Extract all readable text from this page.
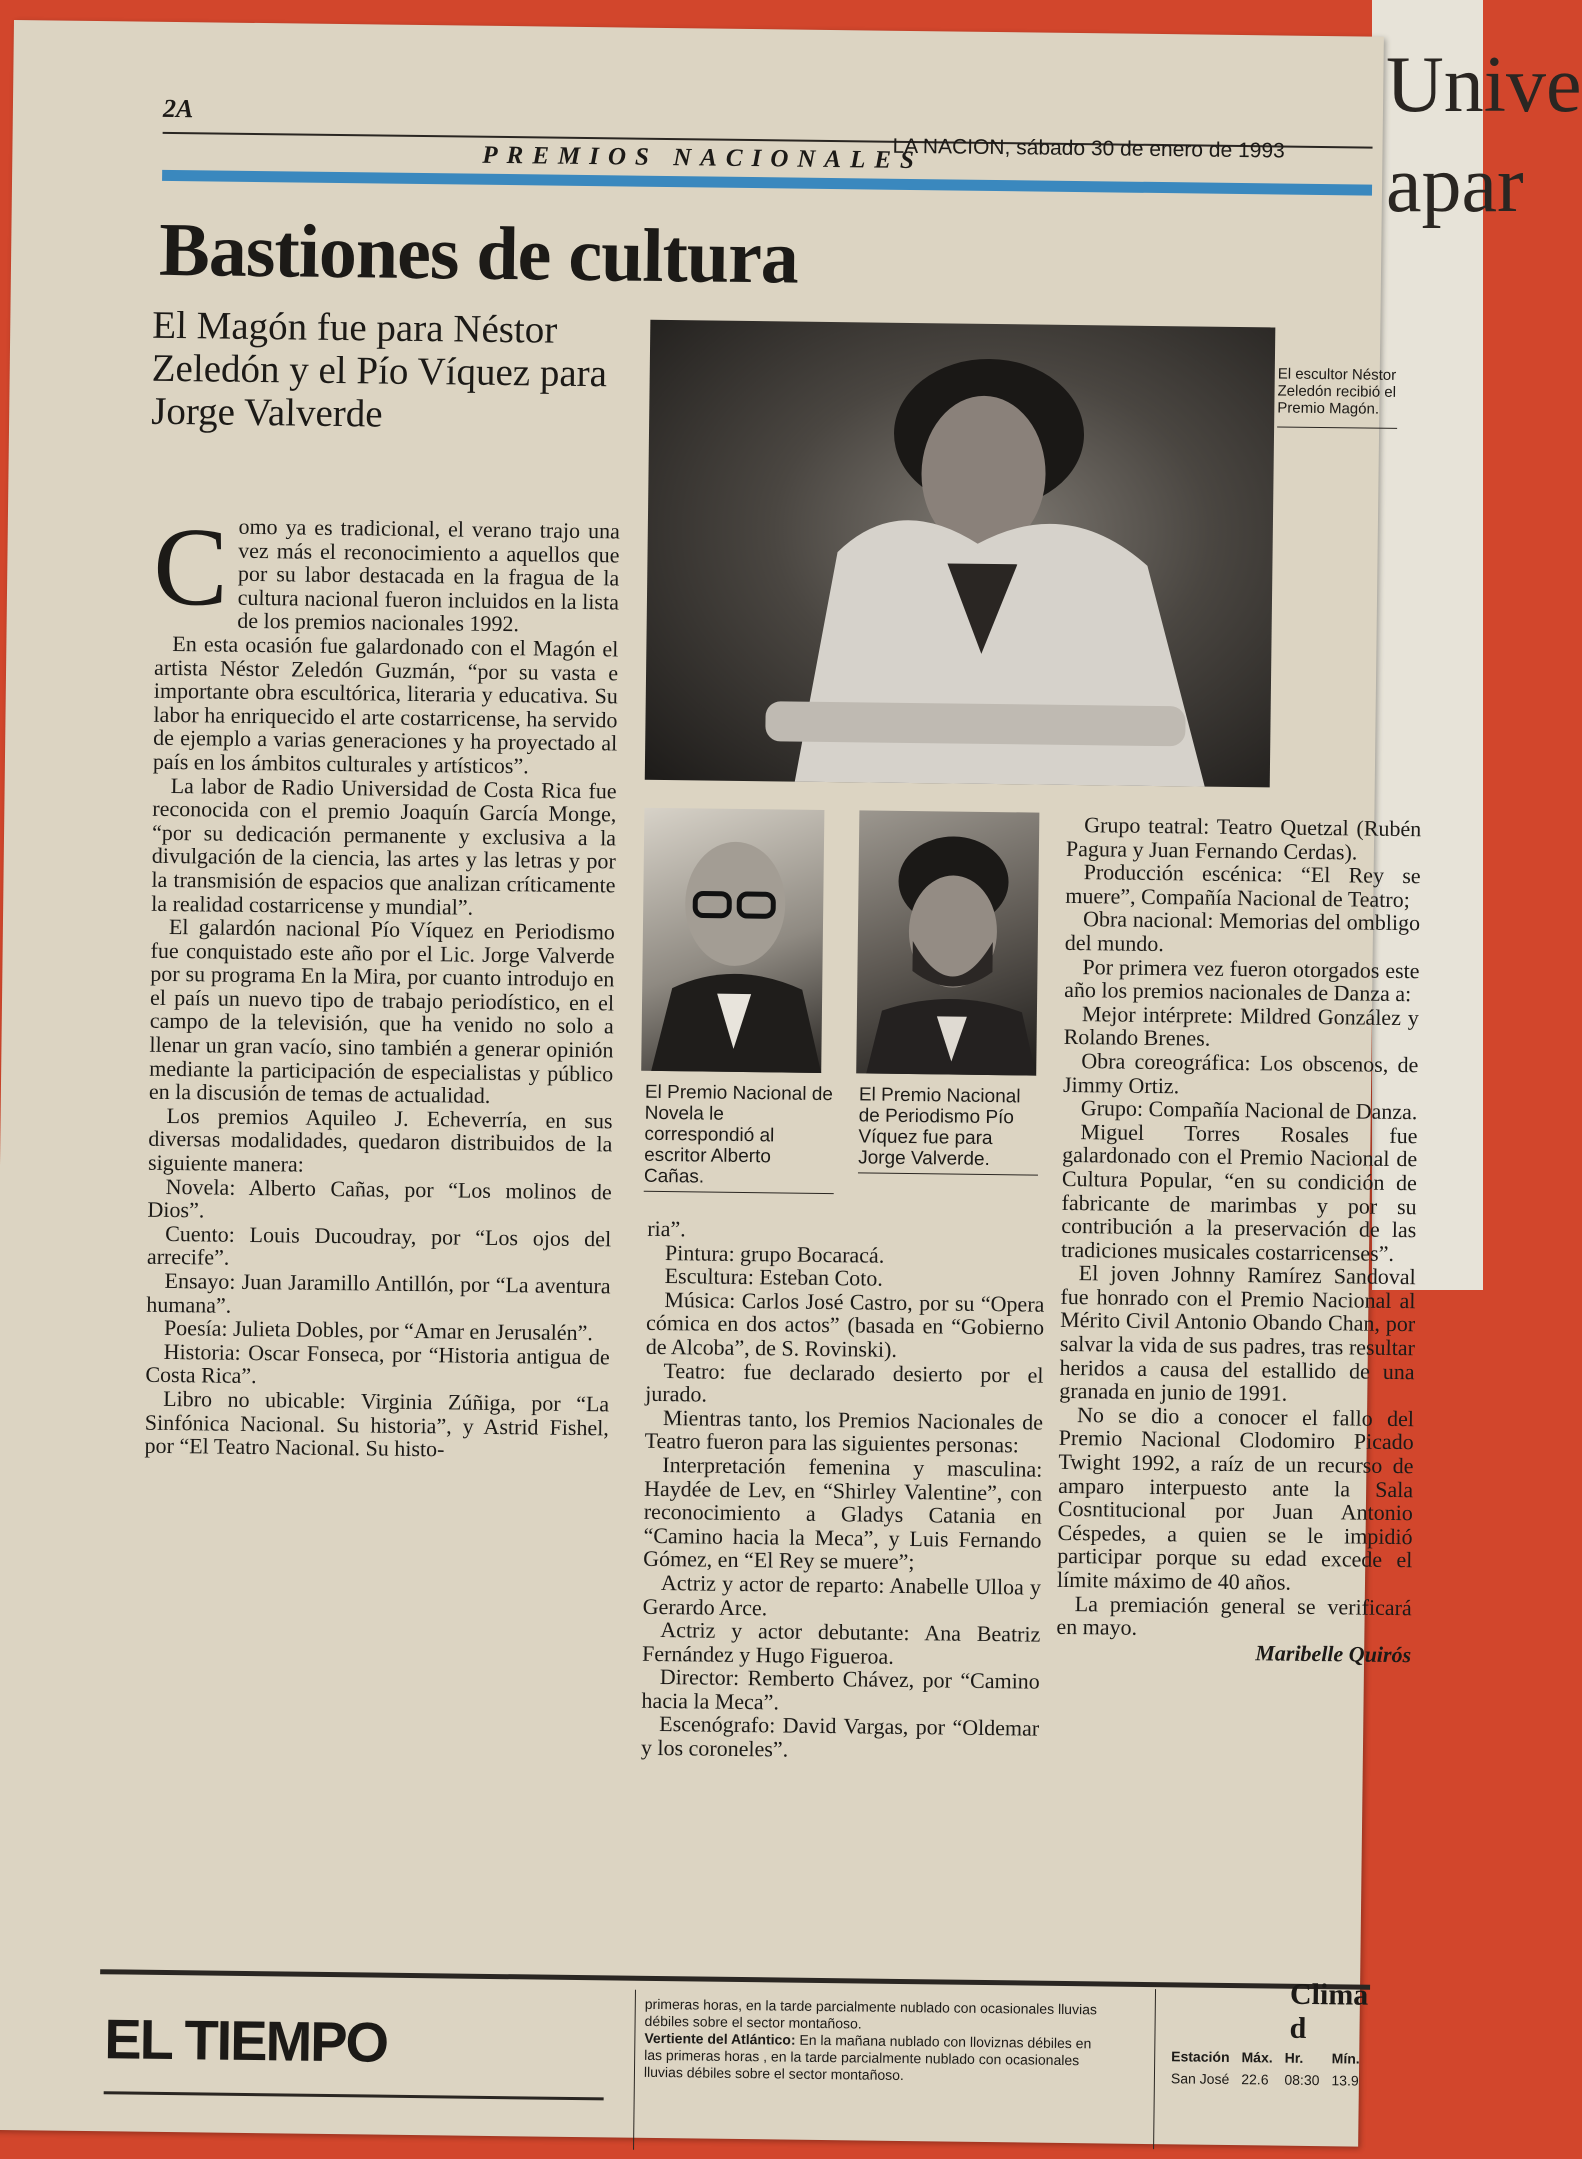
Unive
apar
2A
LA NACION, sábado 30 de enero de 1993
PREMIOS NACIONALES
Bastiones de cultura
El Magón fue para Néstor Zeledón y el Pío Víquez para Jorge Valverde
El escultor Néstor Zeledón recibió el Premio Magón.
El Premio Nacional de Novela le correspondió al escritor Alberto Cañas.
El Premio Nacional de Periodismo Pío Víquez fue para Jorge Valverde.
C omo ya es tradicional, el verano trajo una vez más el reconocimiento a aquellos que por su labor destacada en la fragua de la cultura nacional fueron incluidos en la lista de los premios nacionales 1992.

En esta ocasión fue galardonado con el Magón el artista Néstor Zeledón Guzmán, “por su vasta e importante obra escultórica, literaria y educativa. Su labor ha enriquecido el arte costarricense, ha servido de ejemplo a varias generaciones y ha proyectado al país en los ámbitos culturales y artísticos”.

La labor de Radio Universidad de Costa Rica fue reconocida con el premio Joaquín García Monge, “por su dedicación permanente y exclusiva a la divulgación de la ciencia, las artes y las letras y por la transmisión de espacios que analizan críticamente la realidad costarricense y mundial”.

El galardón nacional Pío Víquez en Periodismo fue conquistado este año por el Lic. Jorge Valverde por su programa En la Mira, por cuanto introdujo en el país un nuevo tipo de trabajo periodístico, en el campo de la televisión, que ha venido no solo a llenar un gran vacío, sino también a generar opinión mediante la participación de especialistas y público en la discusión de temas de actualidad.

Los premios Aquileo J. Echeverría, en sus diversas modalidades, quedaron distribuidos de la siguiente manera:

Novela: Alberto Cañas, por “Los molinos de Dios”.

Cuento: Louis Ducoudray, por “Los ojos del arrecife”.

Ensayo: Juan Jaramillo Antillón, por “La aventura humana”.

Poesía: Julieta Dobles, por “Amar en Jerusalén”.

Historia: Oscar Fonseca, por “Historia antigua de Costa Rica”.

Libro no ubicable: Virginia Zúñiga, por “La Sinfónica Nacional. Su historia”, y Astrid Fishel, por “El Teatro Nacional. Su histo-

ria”.

Pintura: grupo Bocaracá.

Escultura: Esteban Coto.

Música: Carlos José Castro, por su “Opera cómica en dos actos” (basada en “Gobierno de Alcoba”, de S. Rovinski).

Teatro: fue declarado desierto por el jurado.

Mientras tanto, los Premios Nacionales de Teatro fueron para las siguientes personas:

Interpretación femenina y masculina: Haydée de Lev, en “Shirley Valentine”, con reconocimiento a Gladys Catania en “Camino hacia la Meca”, y Luis Fernando Gómez, en “El Rey se muere”;

Actriz y actor de reparto: Anabelle Ulloa y Gerardo Arce.

Actriz y actor debutante: Ana Beatriz Fernández y Hugo Figueroa.

Director: Remberto Chávez, por “Camino hacia la Meca”.

Escenógrafo: David Vargas, por “Oldemar y los coroneles”.

Grupo teatral: Teatro Quetzal (Rubén Pagura y Juan Fernando Cerdas).

Producción escénica: “El Rey se muere”, Compañía Nacional de Teatro;

Obra nacional: Memorias del ombligo del mundo.

Por primera vez fueron otorgados este año los premios nacionales de Danza a:

Mejor intérprete: Mildred González y Rolando Brenes.

Obra coreográfica: Los obscenos, de Jimmy Ortiz.

Grupo: Compañía Nacional de Danza.

Miguel Torres Rosales fue galardonado con el Premio Nacional de Cultura Popular, “en su condición de fabricante de marimbas y por su contribución a la preservación de las tradiciones musicales costarricenses”.

El joven Johnny Ramírez Sandoval fue honrado con el Premio Nacional al Mérito Civil Antonio Obando Chan, por salvar la vida de sus padres, tras resultar heridos a causa del estallido de una granada en junio de 1991.

No se dio a conocer el fallo del Premio Nacional Clodomiro Picado Twight 1992, a raíz de un recurso de amparo interpuesto ante la Sala Cosntitucional por Juan Antonio Céspedes, a quien se le impidió participar porque su edad excede el límite máximo de 40 años.

La premiación general se verificará en mayo.

Maribelle Quirós

EL TIEMPO
primeras horas, en la tarde parcialmente nublado con ocasionales lluvias débiles sobre el sector montañoso.
Vertiente del Atlántico: En la mañana nublado con lloviznas débiles en las primeras horas , en la tarde parcialmente nublado con ocasionales lluvias débiles sobre el sector montañoso.
Clima d
Estación	Máx.	Hr.	Mín.
San José	22.6	08:30	13.9
